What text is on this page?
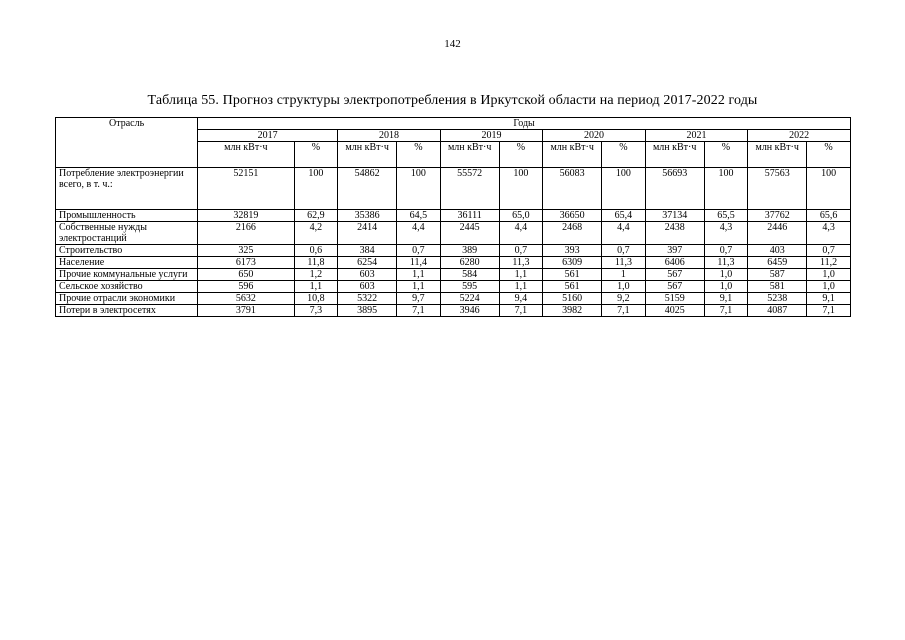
142
Таблица 55. Прогноз структуры электропотребления в Иркутской области на период 2017-2022 годы
Отрасль	Годы											
	2017		2018		2019		2020		2021		2022	
	млн кВт·ч	%	млн кВт·ч	%	млн кВт·ч	%	млн кВт·ч	%	млн кВт·ч	%	млн кВт·ч	%
Потребление электроэнергии всего, в т. ч.:	52151	100	54862	100	55572	100	56083	100	56693	100	57563	100
Промышленность	32819	62,9	35386	64,5	36111	65,0	36650	65,4	37134	65,5	37762	65,6
Собственные нужды электростанций	2166	4,2	2414	4,4	2445	4,4	2468	4,4	2438	4,3	2446	4,3
Строительство	325	0,6	384	0,7	389	0,7	393	0,7	397	0,7	403	0,7
Население	6173	11,8	6254	11,4	6280	11,3	6309	11,3	6406	11,3	6459	11,2
Прочие коммунальные услуги	650	1,2	603	1,1	584	1,1	561	1	567	1,0	587	1,0
Сельское хозяйство	596	1,1	603	1,1	595	1,1	561	1,0	567	1,0	581	1,0
Прочие отрасли экономики	5632	10,8	5322	9,7	5224	9,4	5160	9,2	5159	9,1	5238	9,1
Потери в электросетях	3791	7,3	3895	7,1	3946	7,1	3982	7,1	4025	7,1	4087	7,1
